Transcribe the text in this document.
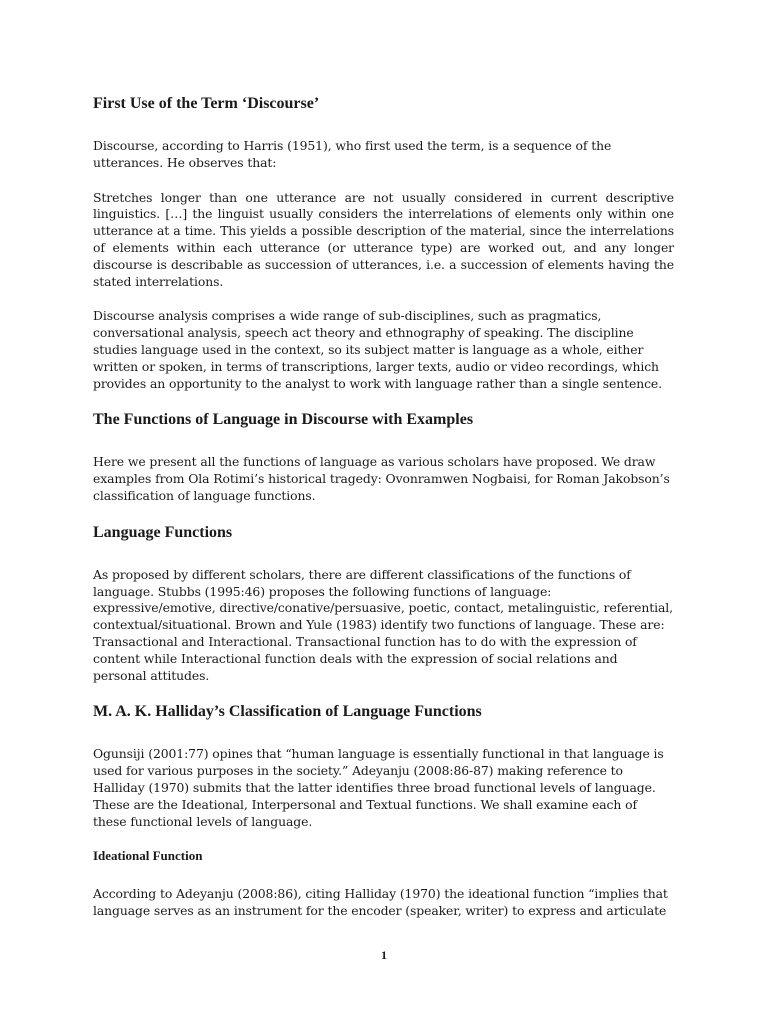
First Use of the Term ‘Discourse’

Discourse, according to Harris (1951), who first used the term, is a sequence of the utterances. He observes that:

Stretches longer than one utterance are not usually considered in current descriptive linguistics. […] the linguist usually considers the interrelations of elements only within one utterance at a time. This yields a possible description of the material, since the interrelations of elements within each utterance (or utterance type) are worked out, and any longer discourse is describable as succession of utterances, i.e. a succession of elements having the stated interrelations.

Discourse analysis comprises a wide range of sub-disciplines, such as pragmatics, conversational analysis, speech act theory and ethnography of speaking. The discipline studies language used in the context, so its subject matter is language as a whole, either written or spoken, in terms of transcriptions, larger texts, audio or video recordings, which provides an opportunity to the analyst to work with language rather than a single sentence.

The Functions of Language in Discourse with Examples

Here we present all the functions of language as various scholars have proposed. We draw examples from Ola Rotimi’s historical tragedy: Ovonramwen Nogbaisi, for Roman Jakobson’s classification of language functions.

Language Functions

As proposed by different scholars, there are different classifications of the functions of language. Stubbs (1995:46) proposes the following functions of language: expressive/emotive, directive/conative/persuasive, poetic, contact, metalinguistic, referential, contextual/situational. Brown and Yule (1983) identify two functions of language. These are: Transactional and Interactional. Transactional function has to do with the expression of content while Interactional function deals with the expression of social relations and personal attitudes.

M. A. K. Halliday’s Classification of Language Functions

Ogunsiji (2001:77) opines that “human language is essentially functional in that language is used for various purposes in the society.” Adeyanju (2008:86-87) making reference to Halliday (1970) submits that the latter identifies three broad functional levels of language. These are the Ideational, Interpersonal and Textual functions. We shall examine each of these functional levels of language.

Ideational Function

According to Adeyanju (2008:86), citing Halliday (1970) the ideational function “implies that language serves as an instrument for the encoder (speaker, writer) to express and articulate

1
